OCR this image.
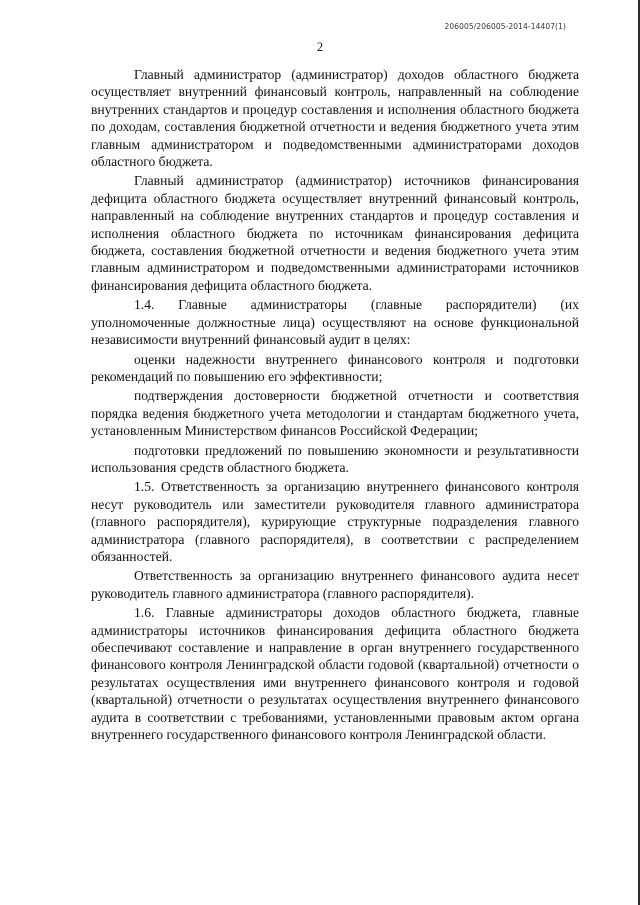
206005/206005-2014-14407(1)
2

Главный администратор (администратор) доходов областного бюджета осуществляет внутренний финансовый контроль, направленный на соблюдение внутренних стандартов и процедур составления и исполнения областного бюджета по доходам, составления бюджетной отчетности и ведения бюджетного учета этим главным администратором и подведомственными администраторами доходов областного бюджета.

Главный администратор (администратор) источников финансирования дефицита областного бюджета осуществляет внутренний финансовый контроль, направленный на соблюдение внутренних стандартов и процедур составления и исполнения областного бюджета по источникам финансирования дефицита бюджета, составления бюджетной отчетности и ведения бюджетного учета этим главным администратором и подведомственными администраторами источников финансирования дефицита областного бюджета.

1.4. Главные администраторы (главные распорядители) (их уполномоченные должностные лица) осуществляют на основе функциональной независимости внутренний финансовый аудит в целях:

оценки надежности внутреннего финансового контроля и подготовки рекомендаций по повышению его эффективности;

подтверждения достоверности бюджетной отчетности и соответствия порядка ведения бюджетного учета методологии и стандартам бюджетного учета, установленным Министерством финансов Российской Федерации;

подготовки предложений по повышению экономности и результативности использования средств областного бюджета.

1.5. Ответственность за организацию внутреннего финансового контроля несут руководитель или заместители руководителя главного администратора (главного распорядителя), курирующие структурные подразделения главного администратора (главного распорядителя), в соответствии с распределением обязанностей.

Ответственность за организацию внутреннего финансового аудита несет руководитель главного администратора (главного распорядителя).

1.6. Главные администраторы доходов областного бюджета, главные администраторы источников финансирования дефицита областного бюджета обеспечивают составление и направление в орган внутреннего государственного финансового контроля Ленинградской области годовой (квартальной) отчетности о результатах осуществления ими внутреннего финансового контроля и годовой (квартальной) отчетности о результатах осуществления внутреннего финансового аудита в соответствии с требованиями, установленными правовым актом органа внутреннего государственного финансового контроля Ленинградской области.
